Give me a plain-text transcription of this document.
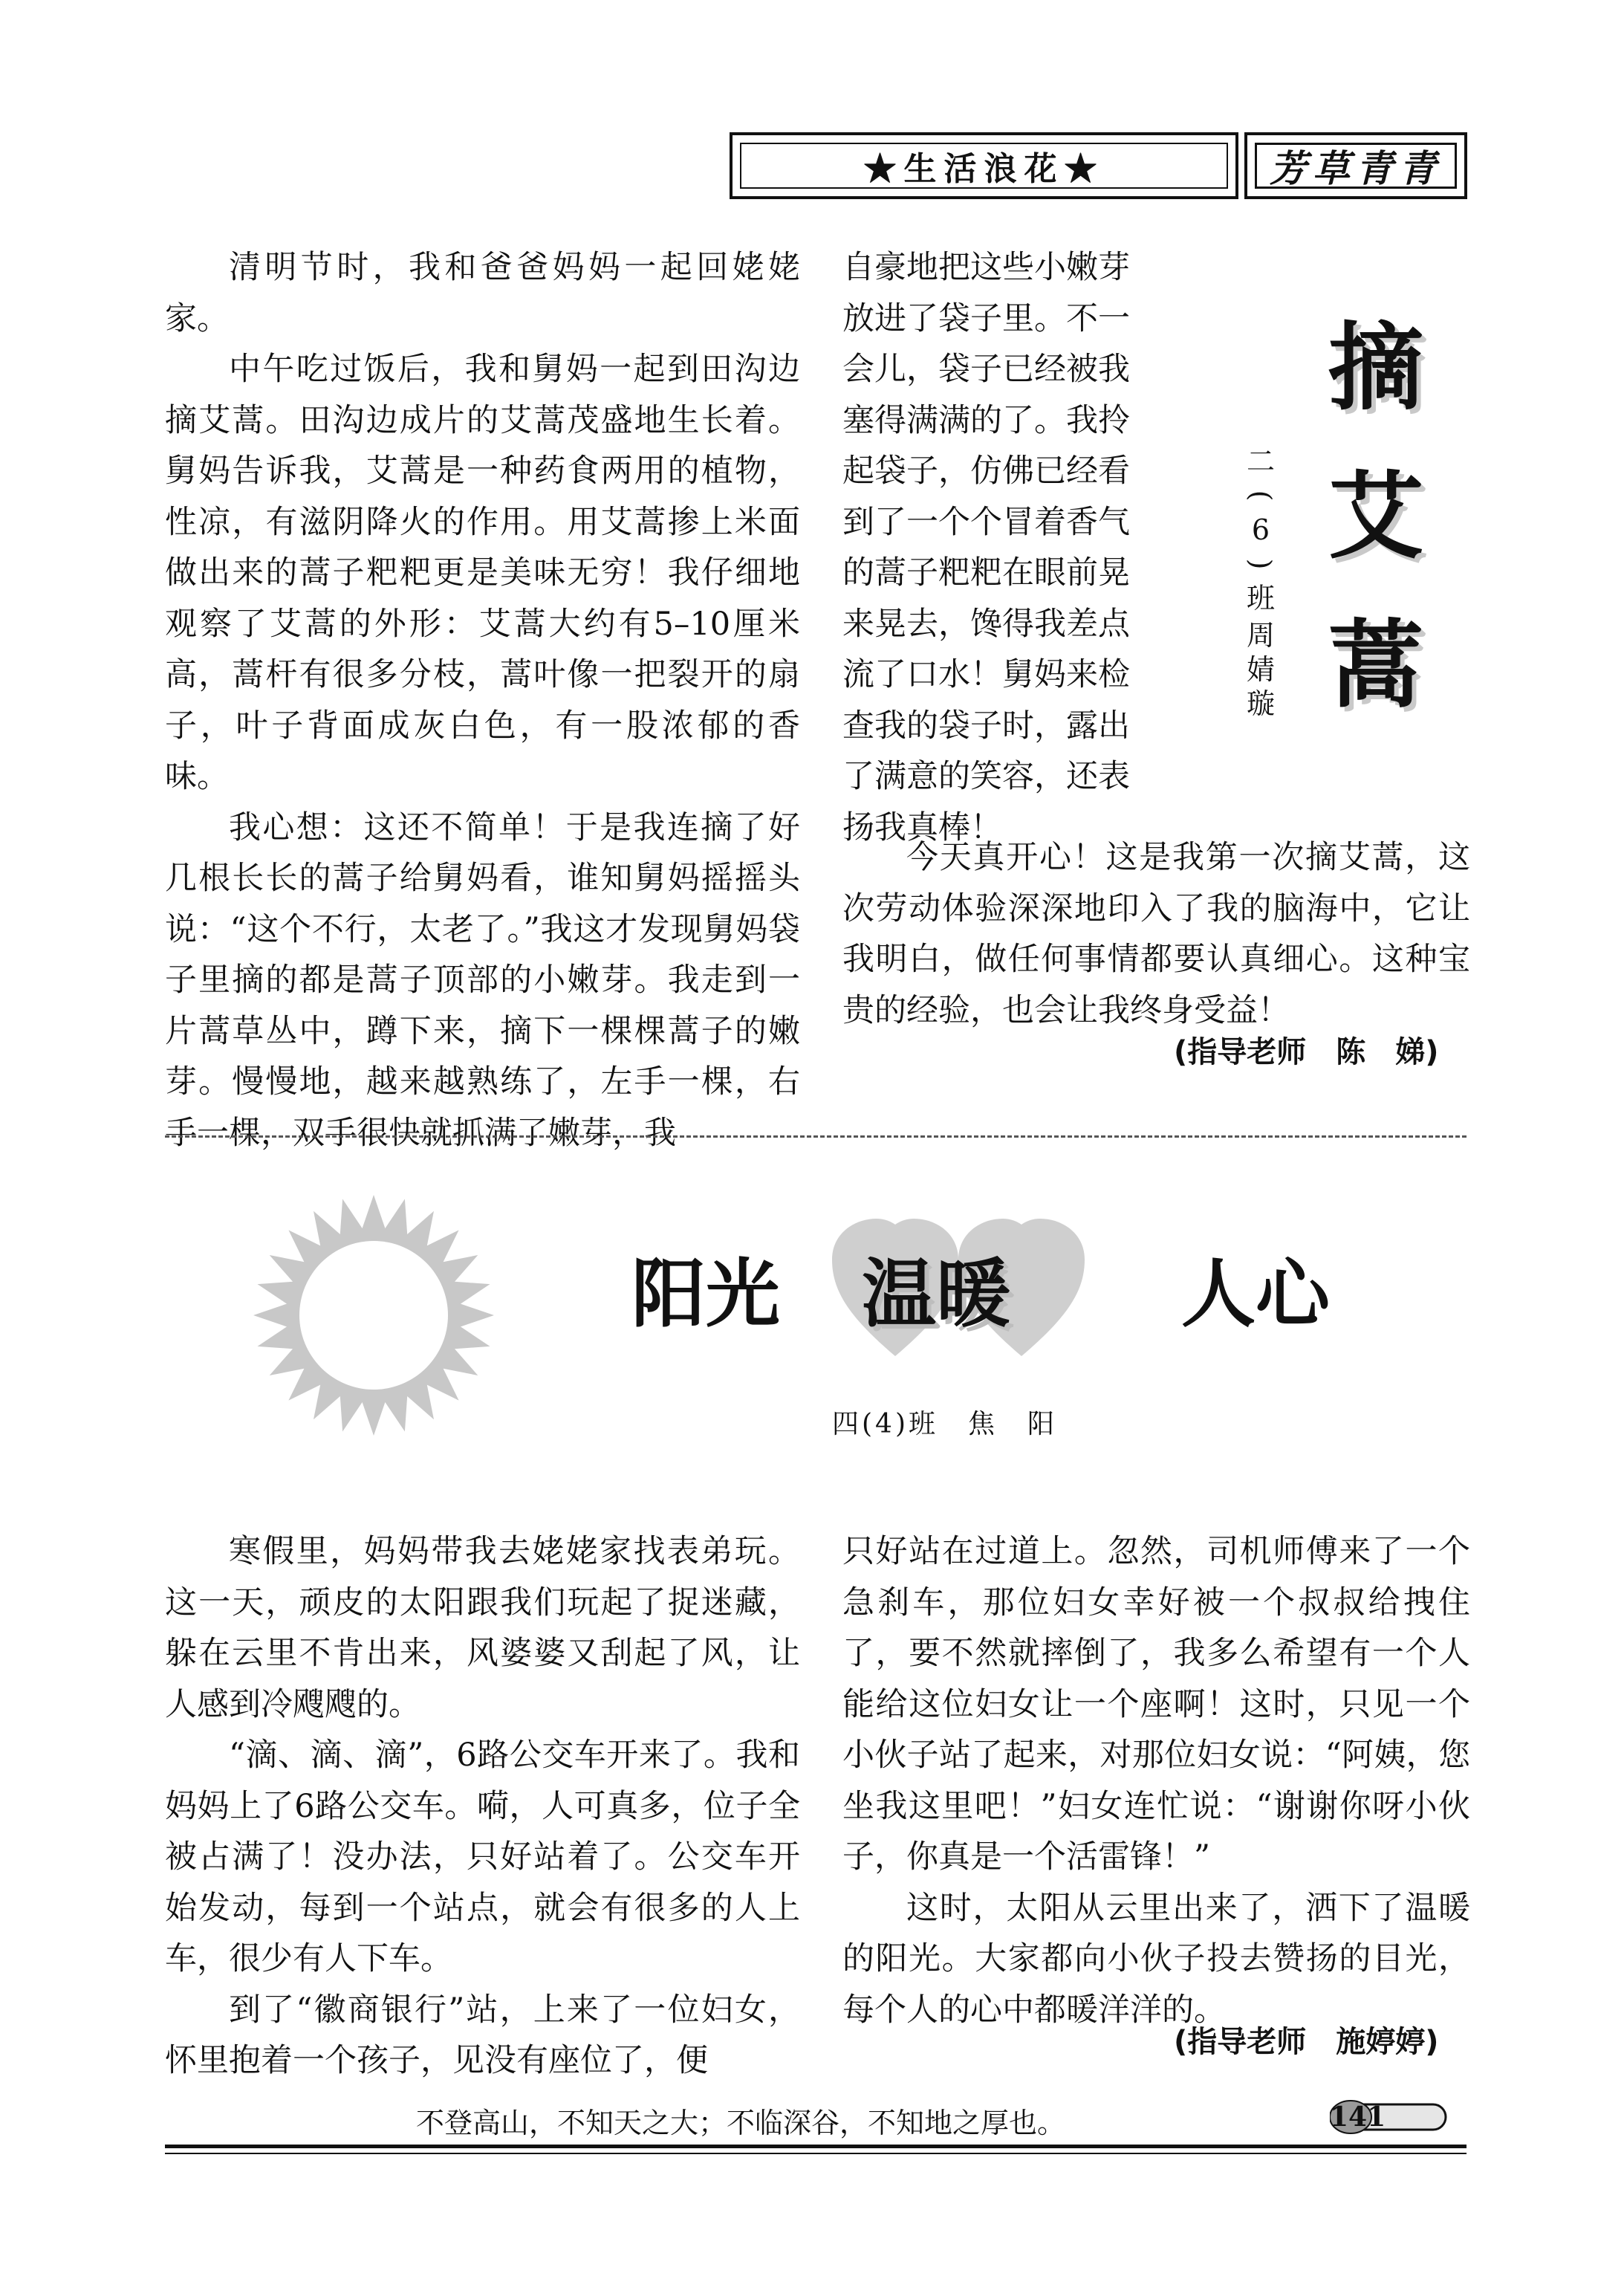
★生活浪花★	芳草青青

清明节时，我和爸爸妈妈一起回姥姥家。

中午吃过饭后，我和舅妈一起到田沟边摘艾蒿。田沟边成片的艾蒿茂盛地生长着。舅妈告诉我，艾蒿是一种药食两用的植物，性凉，有滋阴降火的作用。用艾蒿掺上米面做出来的蒿子粑粑更是美味无穷！我仔细地观察了艾蒿的外形：艾蒿大约有5–10厘米高，蒿杆有很多分枝，蒿叶像一把裂开的扇子，叶子背面成灰白色，有一股浓郁的香味。

我心想：这还不简单！于是我连摘了好几根长长的蒿子给舅妈看，谁知舅妈摇摇头说：“这个不行，太老了。”我这才发现舅妈袋子里摘的都是蒿子顶部的小嫩芽。我走到一片蒿草丛中，蹲下来，摘下一棵棵蒿子的嫩芽。慢慢地，越来越熟练了，左手一棵，右手一棵，双手很快就抓满了嫩芽，我

自豪地把这些小嫩芽
放进了袋子里。不一
会儿，袋子已经被我
塞得满满的了。我拎
起袋子，仿佛已经看
到了一个个冒着香气
的蒿子粑粑在眼前晃
来晃去，馋得我差点
流了口水！舅妈来检
查我的袋子时，露出
了满意的笑容，还表
扬我真棒！
二
(
6
)
班
周
婧
璇
摘
艾
蒿

今天真开心！这是我第一次摘艾蒿，这次劳动体验深深地印入了我的脑海中，它让我明白，做任何事情都要认真细心。这种宝贵的经验，也会让我终身受益！

(指导老师　陈　娣)
阳光 温暖 人心
四(4)班　焦　阳

寒假里，妈妈带我去姥姥家找表弟玩。这一天，顽皮的太阳跟我们玩起了捉迷藏，躲在云里不肯出来，风婆婆又刮起了风，让人感到冷飕飕的。

“滴、滴、滴”，6路公交车开来了。我和妈妈上了6路公交车。嗬，人可真多，位子全被占满了！没办法，只好站着了。公交车开始发动，每到一个站点，就会有很多的人上车，很少有人下车。

到了“徽商银行”站，上来了一位妇女，怀里抱着一个孩子，见没有座位了，便

只好站在过道上。忽然，司机师傅来了一个急刹车，那位妇女幸好被一个叔叔给拽住了，要不然就摔倒了，我多么希望有一个人能给这位妇女让一个座啊！这时，只见一个小伙子站了起来，对那位妇女说：“阿姨，您坐我这里吧！”妇女连忙说：“谢谢你呀小伙子，你真是一个活雷锋！”

这时，太阳从云里出来了，洒下了温暖的阳光。大家都向小伙子投去赞扬的目光，每个人的心中都暖洋洋的。

(指导老师　施婷婷)
不登高山，不知天之大；不临深谷，不知地之厚也。	141
